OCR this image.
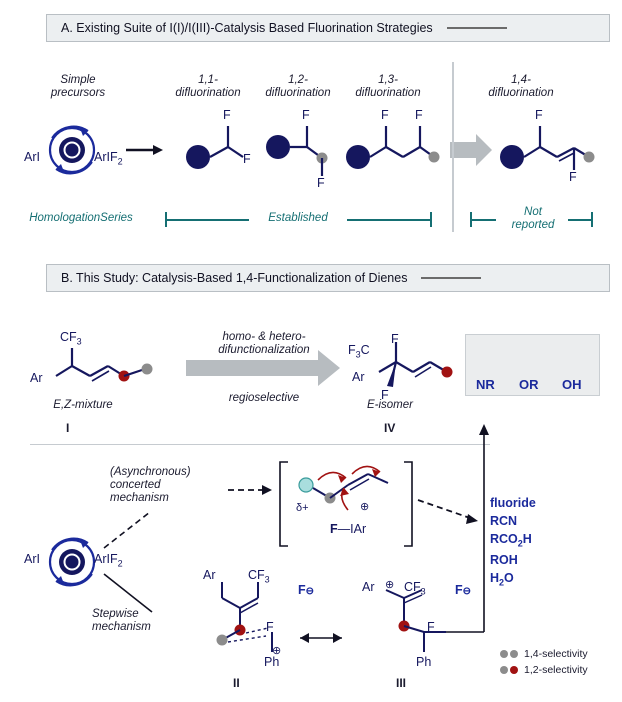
A. Existing Suite of I(I)/I(III)-Catalysis Based Fluorination Strategies
Simple
precursors
1,1-
difluorination
1,2-
difluorination
1,3-
difluorination
1,4-
difluorination
F
F
F
F
F F	F
F
ArI	ArIF$_2$
HomologationSeries	Established	Not
reported
B. This Study: Catalysis-Based 1,4-Functionalization of Dienes
$CF_3$
Ar
E,Z-mixture
I
homo- & hetero-
difunctionalization
regioselective
F
$F_3C$
Ar
F
E-isomer
IV
NR OR OH
(Asynchronous)
concerted
mechanism
Stepwise
mechanism
δ+	⊕
F—IAr
ArI	ArIF$_2$
Ar	$CF_3$
F⊖
F
⊕
Ph
II
Ar ⊕ $CF_3$ F⊖
F
Ph
III
fluoride
RCN
$RCO_2H$
ROH
$H_2O$
1,4-selectivity
1,2-selectivity
